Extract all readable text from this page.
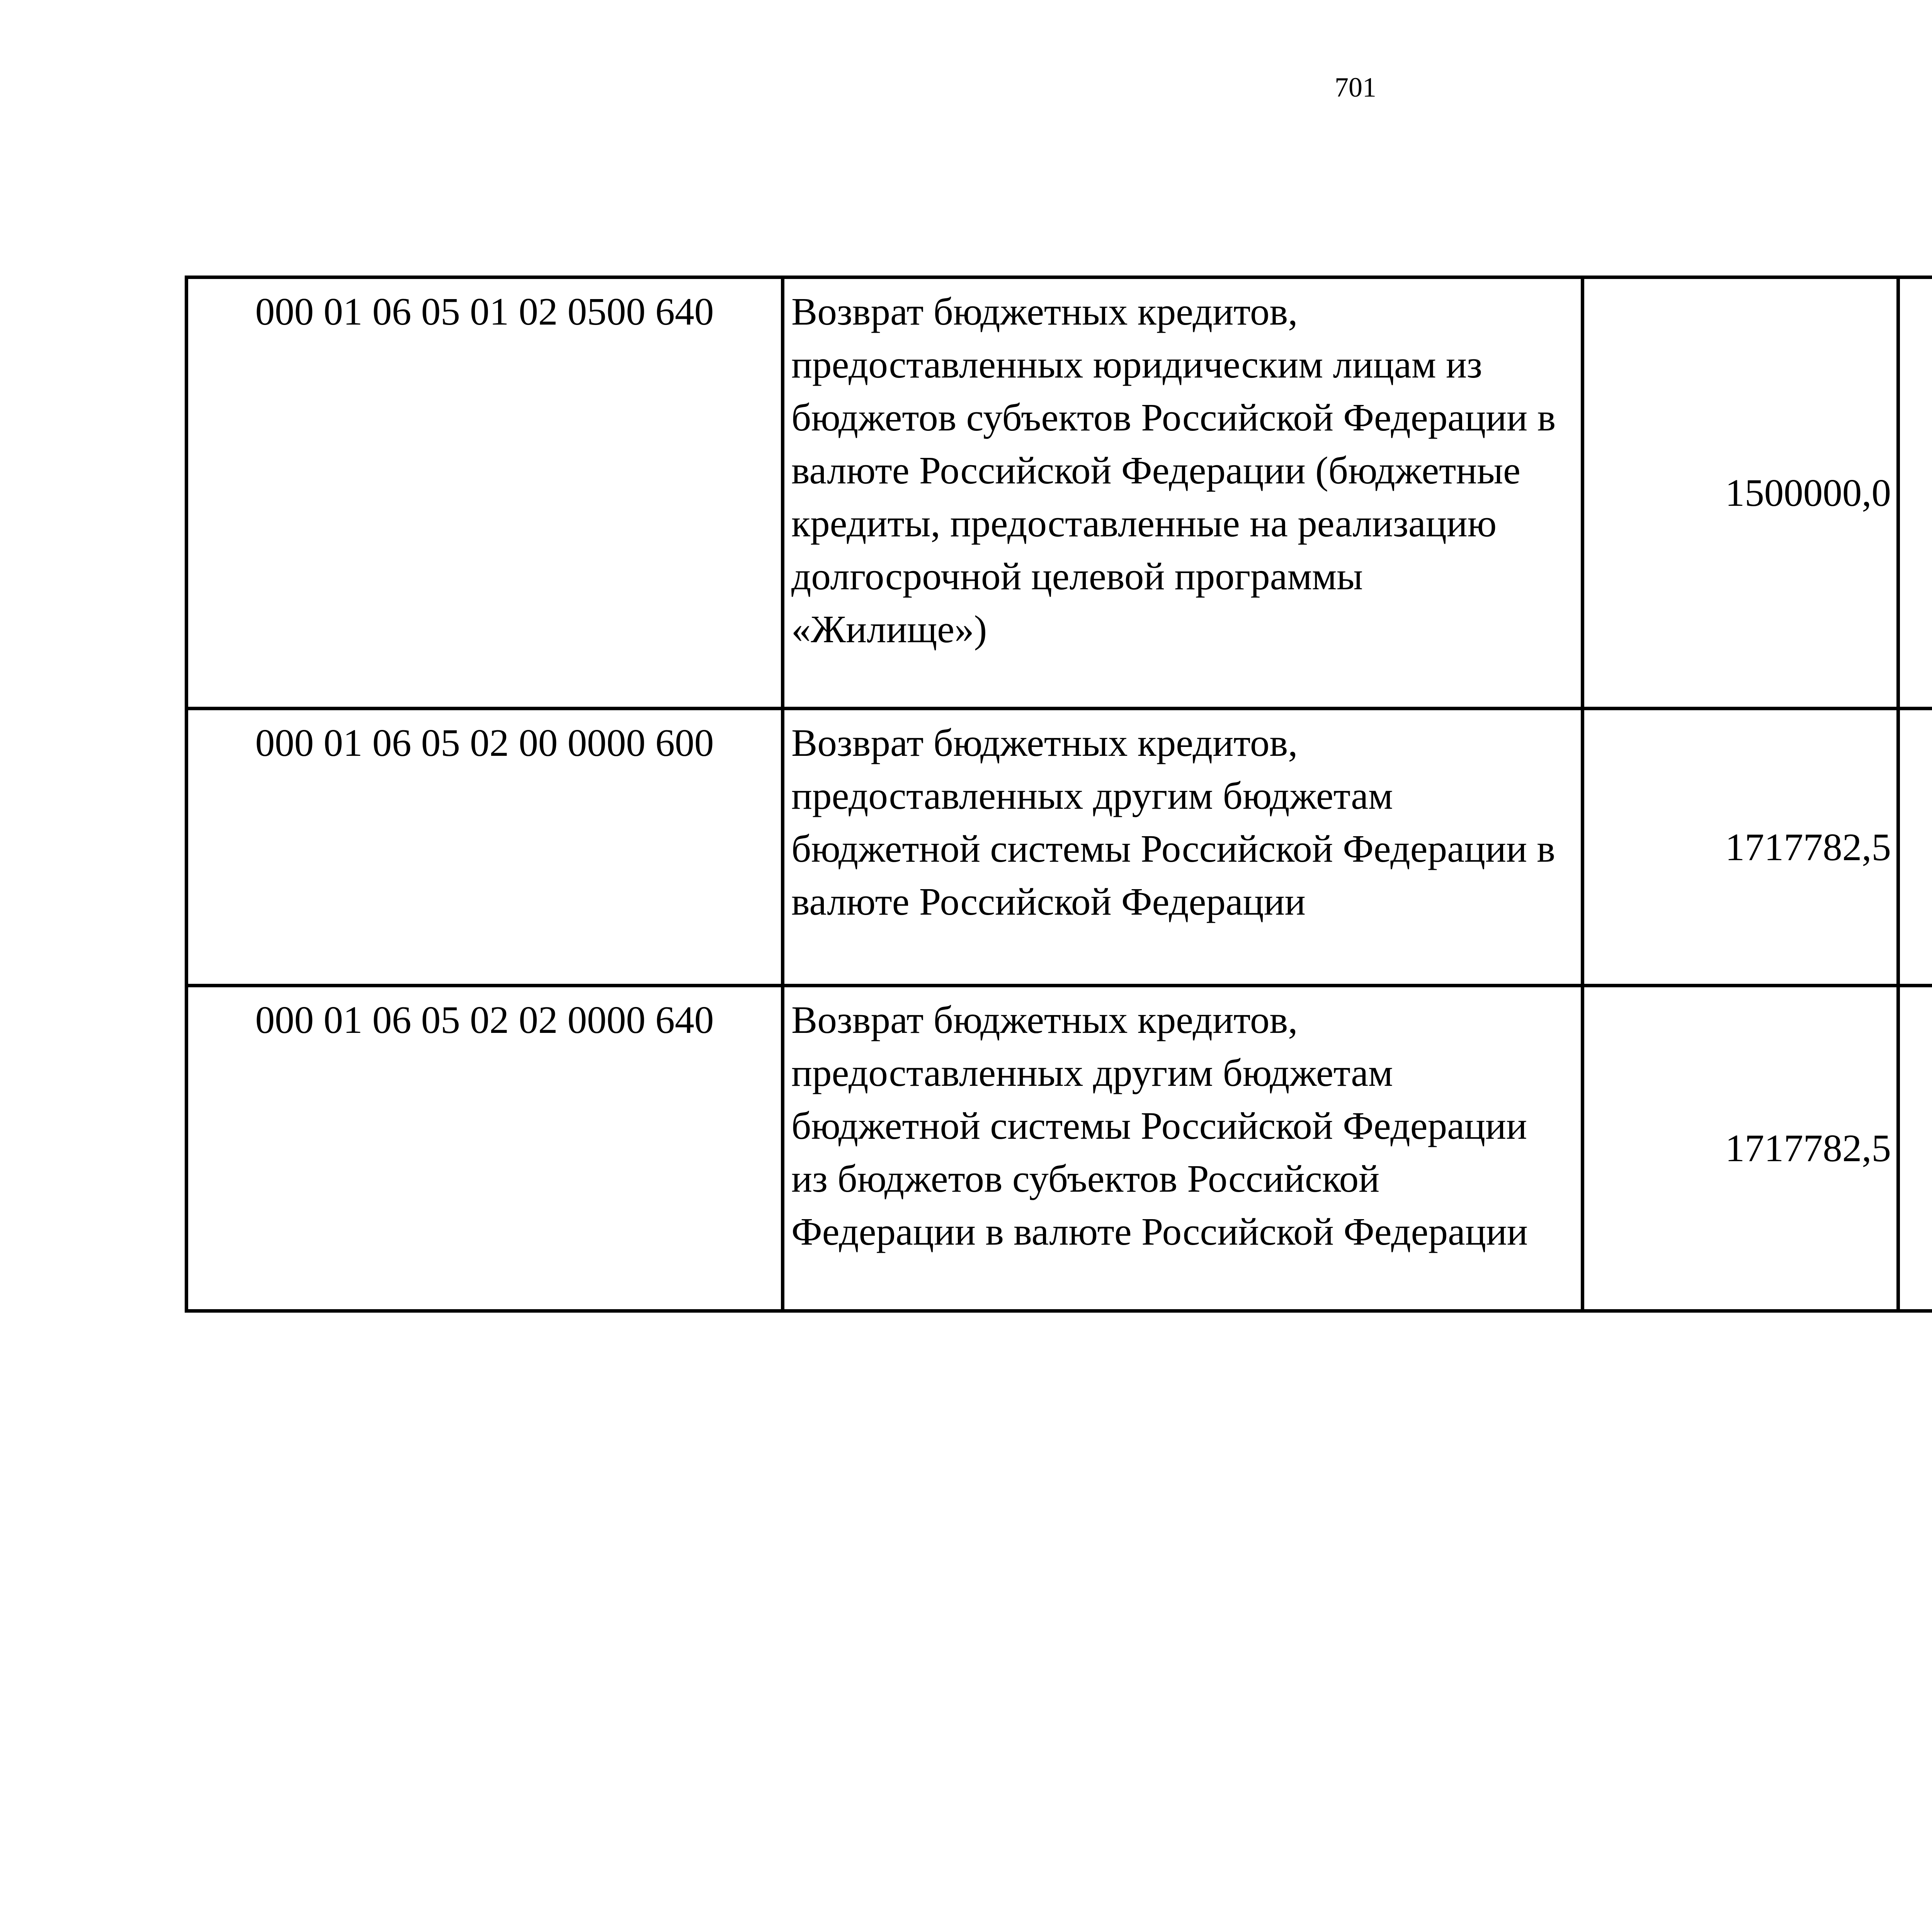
701
000 01 06 05 01 02 0500 640	Возврат бюджетных кредитов, предоставленных юридическим лицам из бюджетов субъектов Российской Федерации в валюте Российской Федерации (бюджетные кредиты, предоставленные на реализацию долгосрочной целевой программы «Жилище»)	1500000,0		
000 01 06 05 02 00 0000 600	Возврат бюджетных кредитов, предоставленных другим бюджетам бюджетной системы Российской Федерации в валюте Российской Федерации	1717782,5		
000 01 06 05 02 02 0000 640	Возврат бюджетных кредитов, предоставленных другим бюджетам бюджетной системы Российской Федерации из бюджетов субъектов Российской Федерации в валюте Российской Федерации	1717782,5		
